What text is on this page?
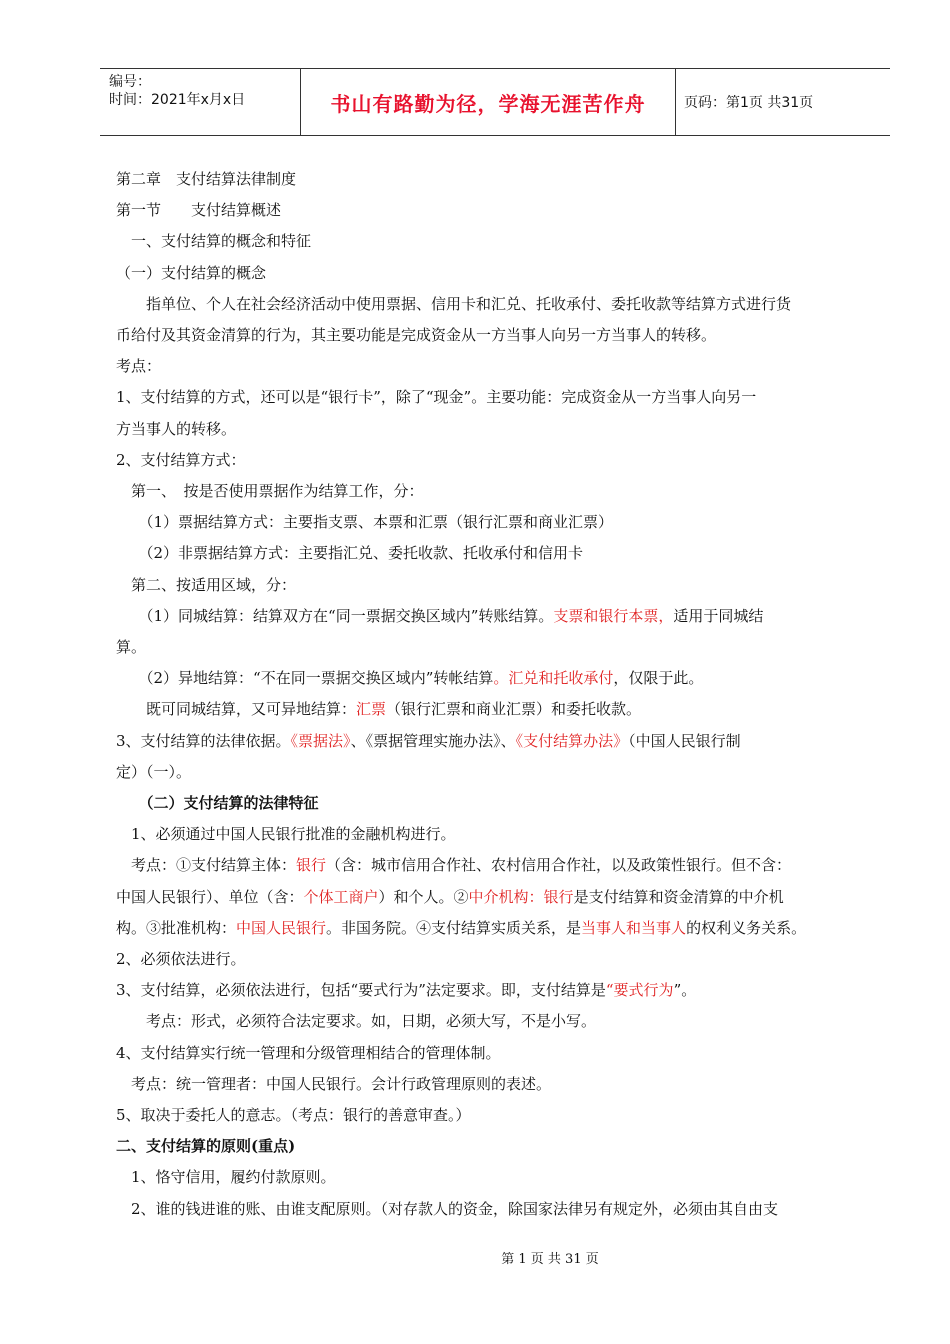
编号：
时间：2021年x月x日	书山有路勤为径，学海无涯苦作舟	页码：第1页 共31页
第二章　支付结算法律制度
第一节　　支付结算概述
　一、支付结算的概念和特征
（一）支付结算的概念
　　指单位、个人在社会经济活动中使用票据、信用卡和汇兑、托收承付、委托收款等结算方式进行货
币给付及其资金清算的行为，其主要功能是完成资金从一方当事人向另一方当事人的转移。
考点：
1、支付结算的方式，还可以是“银行卡”，除了“现金”。主要功能：完成资金从一方当事人向另一
方当事人的转移。
2、支付结算方式：
　第一、　按是否使用票据作为结算工作，分：
　　（1）票据结算方式：主要指支票、本票和汇票（银行汇票和商业汇票）
　　（2）非票据结算方式：主要指汇兑、委托收款、托收承付和信用卡
　第二、按适用区域，分：
　　（1）同城结算：结算双方在“同一票据交换区域内”转账结算。支票和银行本票，适用于同城结
算。
　　（2）异地结算：“不在同一票据交换区域内”转帐结算。汇兑和托收承付，仅限于此。
　　既可同城结算，又可异地结算：汇票（银行汇票和商业汇票）和委托收款。
3、支付结算的法律依据。《票据法》、《票据管理实施办法》、《支付结算办法》（中国人民银行制
定）（一）。
　　（二）支付结算的法律特征
　1、必须通过中国人民银行批准的金融机构进行。
　考点：①支付结算主体：银行（含：城市信用合作社、农村信用合作社，以及政策性银行。但不含：
中国人民银行）、单位（含：个体工商户）和个人。②中介机构：银行是支付结算和资金清算的中介机
构。③批准机构：中国人民银行。非国务院。④支付结算实质关系，是当事人和当事人的权利义务关系。
2、必须依法进行。
3、支付结算，必须依法进行，包括“要式行为”法定要求。即，支付结算是“要式行为”。
　　考点：形式，必须符合法定要求。如，日期，必须大写，不是小写。
4、支付结算实行统一管理和分级管理相结合的管理体制。
　考点：统一管理者：中国人民银行。会计行政管理原则的表述。
5、取决于委托人的意志。（考点：银行的善意审查。）
二、支付结算的原则(重点)
　1、恪守信用，履约付款原则。
　2、谁的钱进谁的账、由谁支配原则。（对存款人的资金，除国家法律另有规定外，必须由其自由支
第 1 页 共 31 页
